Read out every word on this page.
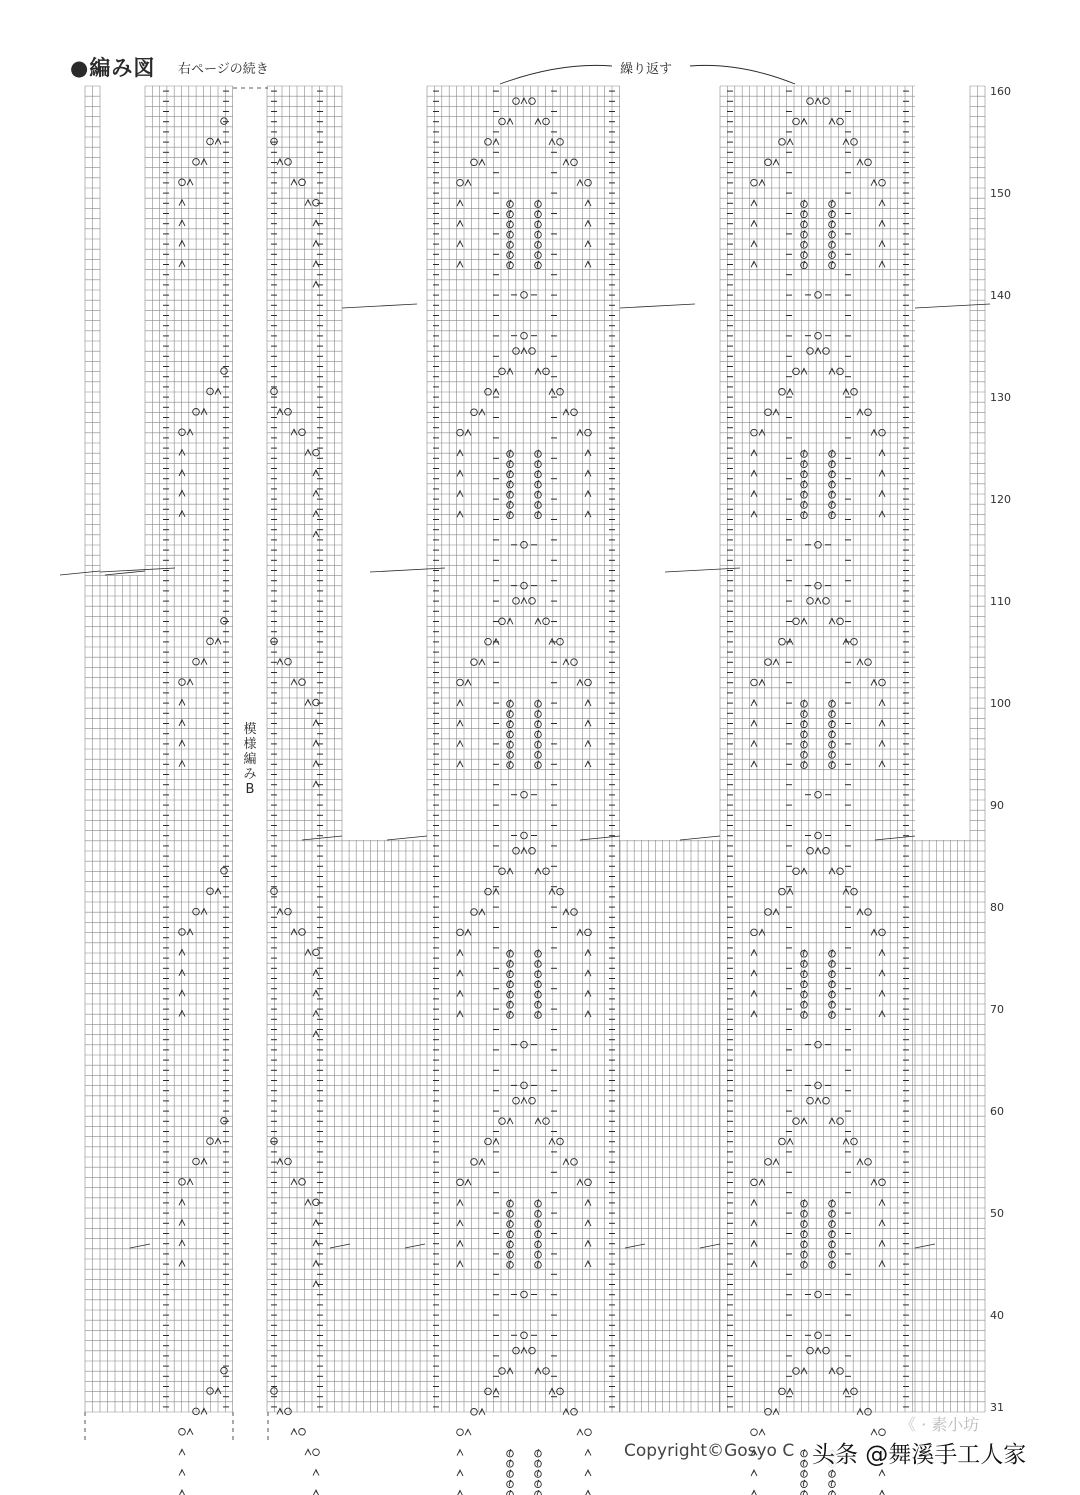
160
150
140
130
120
110
100
90
80
70
60
50
40
31
●編み図 右ページの続き	繰り返す
模様編みB
Copyright©Gosyo C
《 · 素小坊
头条 @舞溪手工人家
